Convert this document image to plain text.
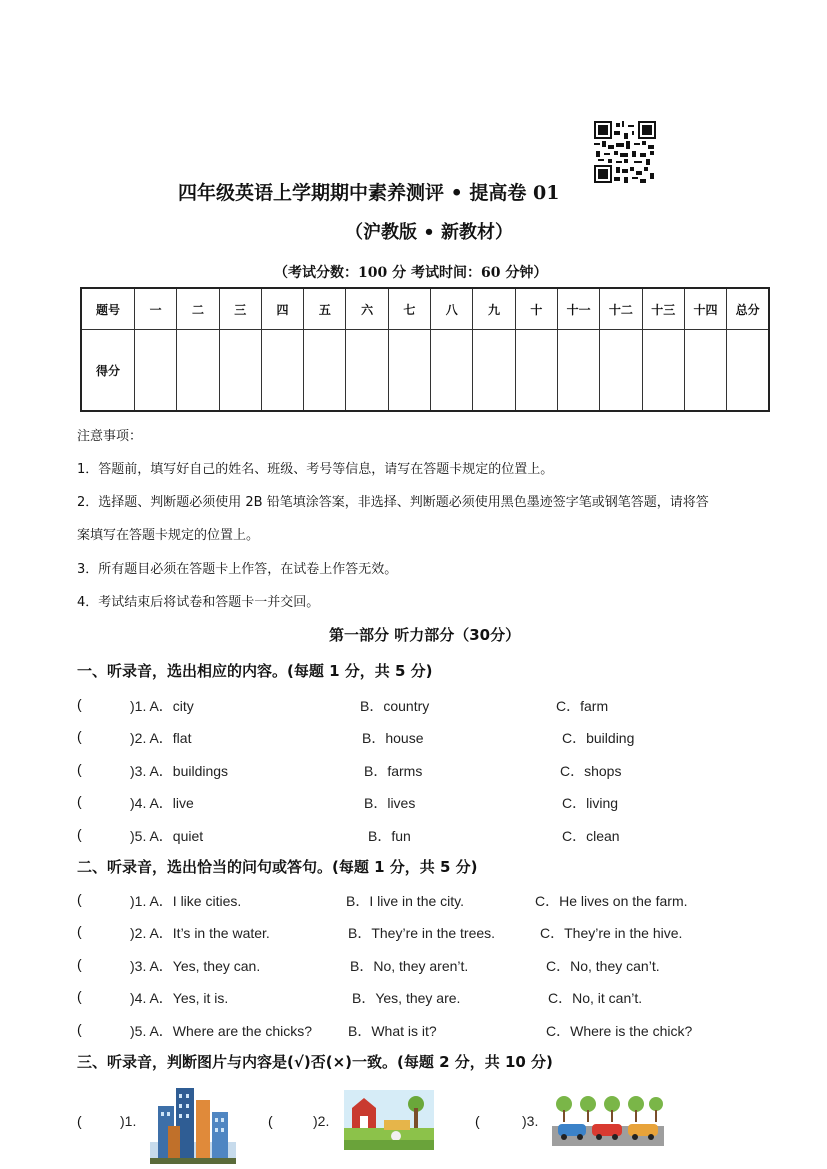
四年级英语上学期期中素养测评 • 提高卷 01
（沪教版 • 新教材）
（考试分数：100 分 考试时间：60 分钟）
题号	一	二	三	四	五	六	七	八	九	十	十一	十二	十三	十四	总分
得分															
注意事项：
1．答题前，填写好自己的姓名、班级、考号等信息，请写在答题卡规定的位置上。
2．选择题、判断题必须使用 2B 铅笔填涂答案，非选择、判断题必须使用黑色墨迹签字笔或钢笔答题，请将答
案填写在答题卡规定的位置上。
3．所有题目必须在答题卡上作答，在试卷上作答无效。
4．考试结束后将试卷和答题卡一并交回。
第一部分 听力部分（30分）
一、听录音，选出相应的内容。(每题 1 分，共 5 分)
(	)1. A．city	B．country	C．farm
(	)2. A．flat	B．house	C．building
(	)3. A．buildings	B．farms	C．shops
(	)4. A．live	B．lives	C．living
(	)5. A．quiet	B．fun	C．clean
二、听录音，选出恰当的问句或答句。(每题 1 分，共 5 分)
(	)1. A．I like cities.	B．I live in the city.	C．He lives on the farm.
(	)2. A．It’s in the water.	B．They’re in the trees.	C．They’re in the hive.
(	)3. A．Yes, they can.	B．No, they aren’t.	C．No, they can’t.
(	)4. A．Yes, it is.	B．Yes, they are.	C．No, it can’t.
(	)5. A．Where are the chicks?	B．What is it?	C．Where is the chick?
三、听录音，判断图片与内容是(√)否(×)一致。(每题 2 分，共 10 分)
(	)1.	(	)2.	(	)3.
